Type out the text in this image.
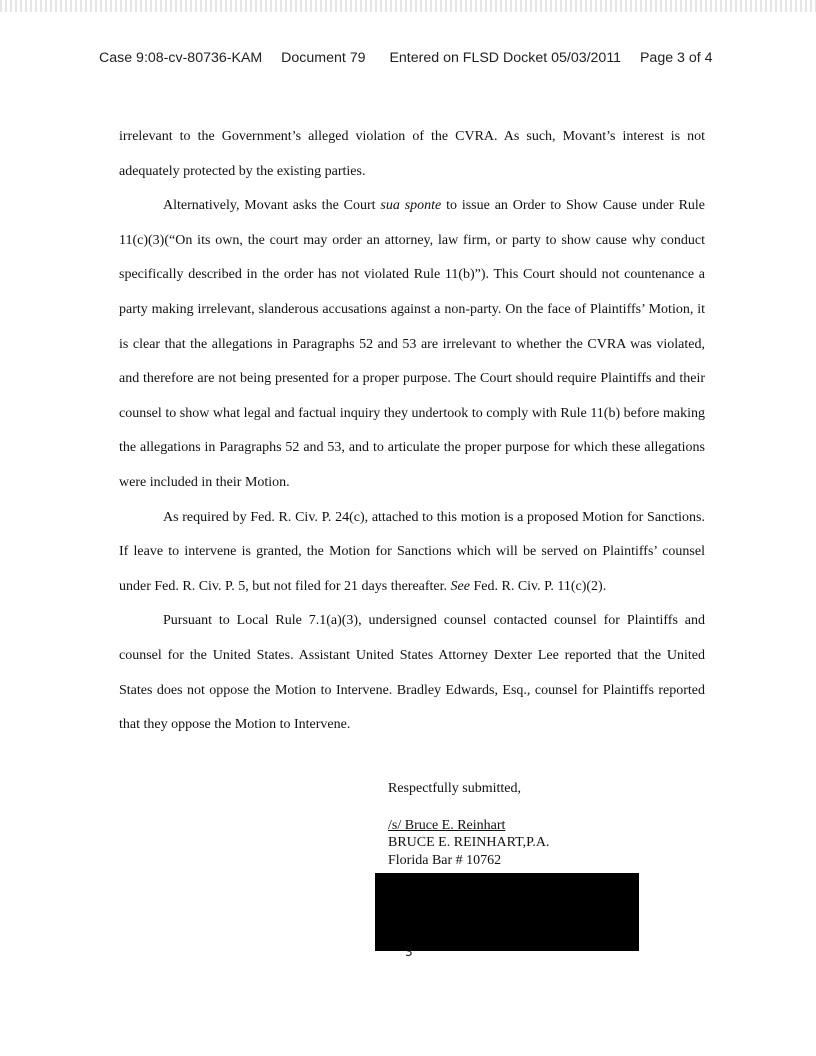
Case 9:08-cv-80736-KAM Document 79 Entered on FLSD Docket 05/03/2011 Page 3 of 4

irrelevant to the Government’s alleged violation of the CVRA. As such, Movant’s interest is not adequately protected by the existing parties.

Alternatively, Movant asks the Court sua sponte to issue an Order to Show Cause under Rule 11(c)(3)(“On its own, the court may order an attorney, law firm, or party to show cause why conduct specifically described in the order has not violated Rule 11(b)”). This Court should not countenance a party making irrelevant, slanderous accusations against a non-party. On the face of Plaintiffs’ Motion, it is clear that the allegations in Paragraphs 52 and 53 are irrelevant to whether the CVRA was violated, and therefore are not being presented for a proper purpose. The Court should require Plaintiffs and their counsel to show what legal and factual inquiry they undertook to comply with Rule 11(b) before making the allegations in Paragraphs 52 and 53, and to articulate the proper purpose for which these allegations were included in their Motion.

As required by Fed. R. Civ. P. 24(c), attached to this motion is a proposed Motion for Sanctions. If leave to intervene is granted, the Motion for Sanctions which will be served on Plaintiffs’ counsel under Fed. R. Civ. P. 5, but not filed for 21 days thereafter. See Fed. R. Civ. P. 11(c)(2).

Pursuant to Local Rule 7.1(a)(3), undersigned counsel contacted counsel for Plaintiffs and counsel for the United States. Assistant United States Attorney Dexter Lee reported that the United States does not oppose the Motion to Intervene. Bradley Edwards, Esq., counsel for Plaintiffs reported that they oppose the Motion to Intervene.

Respectfully submitted,
/s/ Bruce E. Reinhart
BRUCE E. REINHART,P.A.
Florida Bar # 10762
3
